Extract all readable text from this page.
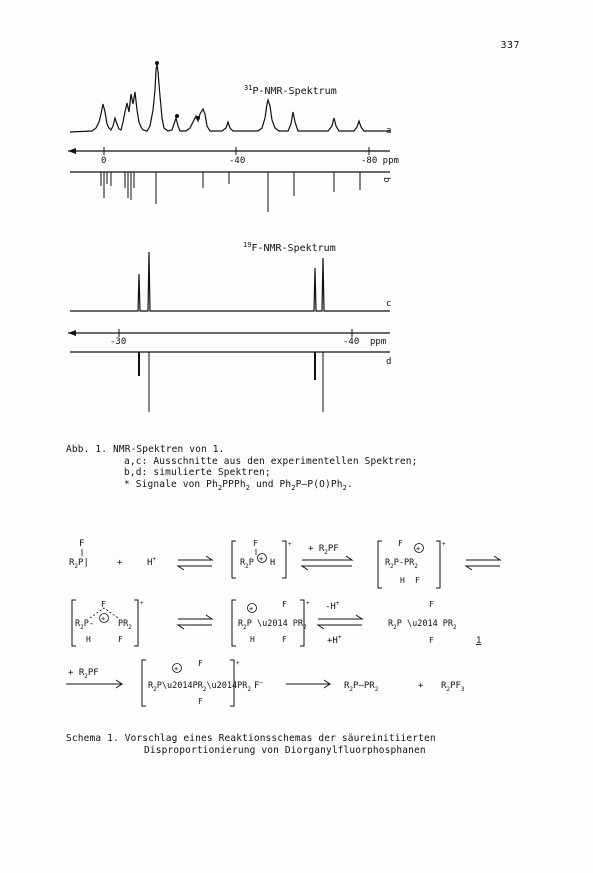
337
$^{31}$P-NMR-Spektrum
a
0	-40	-80 ppm
b
$^{19}$F-NMR-Spektrum
c
-30	-40 ppm
d
$R_2P|$
F
+	H+
+
$R_2P$
F
+ H
+ $R_2PF$	+
$R_2P-PR_2$
F
+
H F
+
F
+
$R_2P-$	$PR_2$
H	F
+
+	F
$R_2P$ \u2014 $PR_2$
H	F
-H+
+H+
$R_2P$ \u2014 $PR_2$
F
F	1
+ $R_2PF$
+
+
F
$R_2P\backslash u2014PR_2\backslash u2014PR_2$
F
F−	$R_2P—PR_2$	+ $R_2PF_3$
Abb. 1. NMR-Spektren von 1.

a,c: Ausschnitte aus den experimentellen Spektren;
b,d: simulierte Spektren;
* Signale von $Ph_2PPPh_2$ und $Ph_2P—P(O)Ph_2$.
Schema 1. Vorschlag eines Reaktionsschemas der säureinitiierten

Disproportionierung von Diorganylfluorphosphanen
